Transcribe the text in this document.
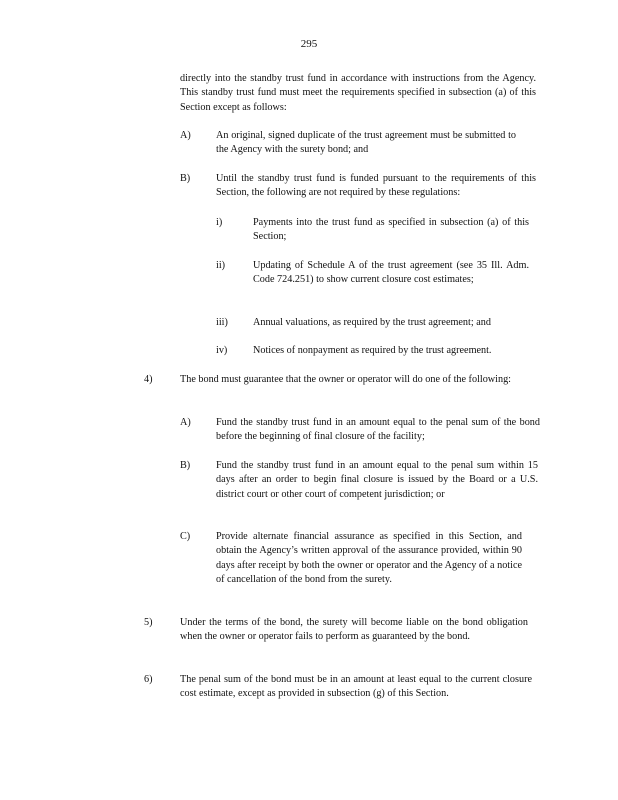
295
directly into the standby trust fund in accordance with instructions from the Agency. This standby trust fund must meet the requirements specified in subsection (a) of this Section except as follows:
A) An original, signed duplicate of the trust agreement must be submitted to the Agency with the surety bond; and
B)	Until the standby trust fund is funded pursuant to the requirements of this Section, the following are not required by these regulations:
i)	Payments into the trust fund as specified in subsection (a) of this Section;
ii)	Updating of Schedule A of the trust agreement (see 35 Ill. Adm. Code 724.251) to show current closure cost estimates;
iii) Annual valuations, as required by the trust agreement; and
iv)	Notices of nonpayment as required by the trust agreement.
4)	The bond must guarantee that the owner or operator will do one of the following:
A) Fund the standby trust fund in an amount equal to the penal sum of the bond before the beginning of final closure of the facility;
B)	Fund the standby trust fund in an amount equal to the penal sum within 15 days after an order to begin final closure is issued by the Board or a U.S. district court or other court of competent jurisdiction; or
C)	Provide alternate financial assurance as specified in this Section, and obtain the Agency’s written approval of the assurance provided, within 90 days after receipt by both the owner or operator and the Agency of a notice of cancellation of the bond from the surety.
5)	Under the terms of the bond, the surety will become liable on the bond obligation when the owner or operator fails to perform as guaranteed by the bond.
6)	The penal sum of the bond must be in an amount at least equal to the current closure cost estimate, except as provided in subsection (g) of this Section.
